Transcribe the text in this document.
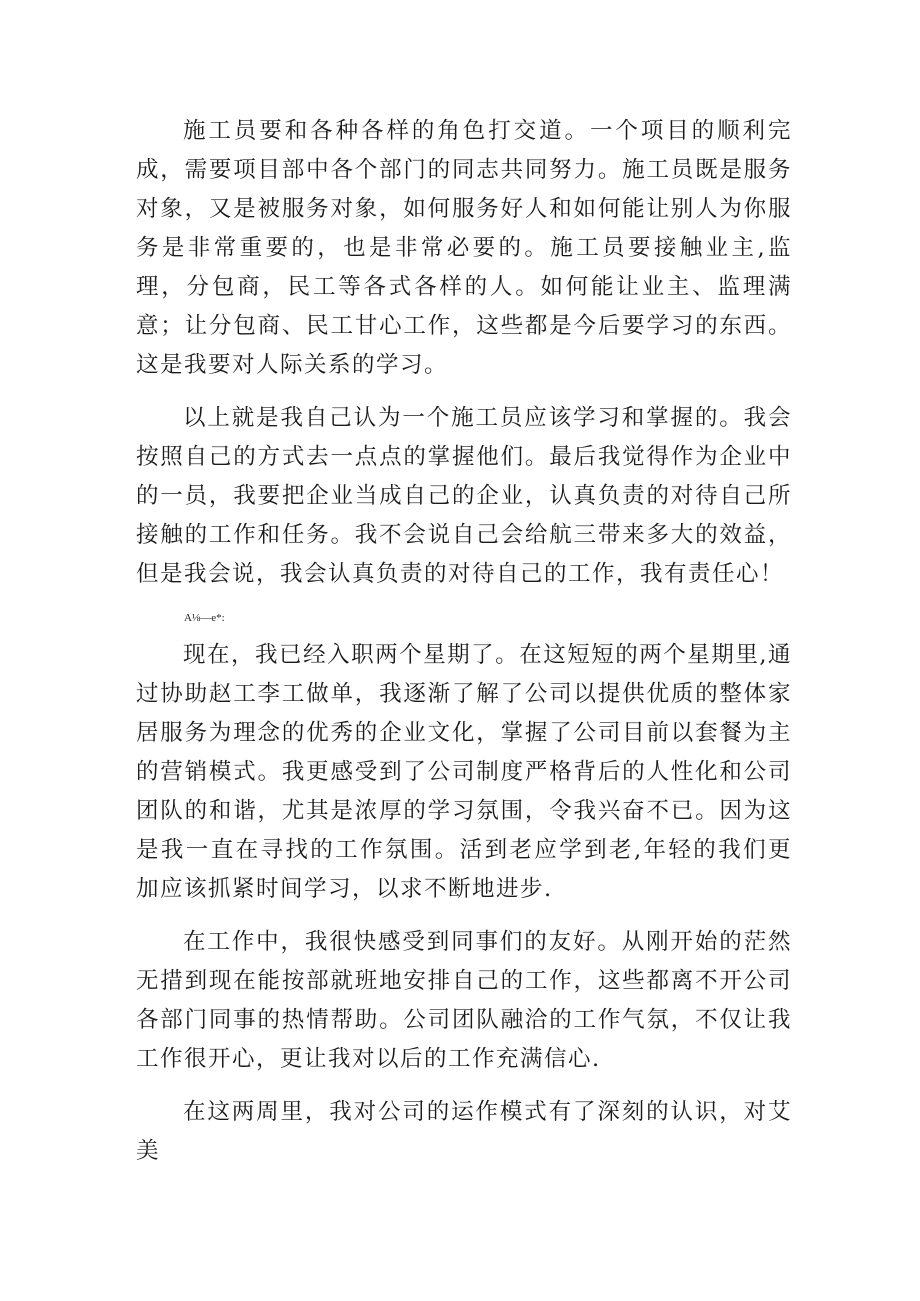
施工员要和各种各样的角色打交道。一个项目的顺利完成，需要项目部中各个部门的同志共同努力。施工员既是服务对象，又是被服务对象，如何服务好人和如何能让别人为你服务是非常重要的，也是非常必要的。施工员要接触业主,监理，分包商，民工等各式各样的人。如何能让业主、监理满意；让分包商、民工甘心工作，这些都是今后要学习的东西。这是我要对人际关系的学习。

以上就是我自己认为一个施工员应该学习和掌握的。我会按照自己的方式去一点点的掌握他们。最后我觉得作为企业中的一员，我要把企业当成自己的企业，认真负责的对待自己所接触的工作和任务。我不会说自己会给航三带来多大的效益，但是我会说，我会认真负责的对待自己的工作，我有责任心！

A⅛—e*:

现在，我已经入职两个星期了。在这短短的两个星期里,通过协助赵工李工做单，我逐渐了解了公司以提供优质的整体家居服务为理念的优秀的企业文化，掌握了公司目前以套餐为主的营销模式。我更感受到了公司制度严格背后的人性化和公司团队的和谐，尤其是浓厚的学习氛围，令我兴奋不已。因为这是我一直在寻找的工作氛围。活到老应学到老,年轻的我们更加应该抓紧时间学习，以求不断地进步.

在工作中，我很快感受到同事们的友好。从刚开始的茫然无措到现在能按部就班地安排自己的工作，这些都离不开公司各部门同事的热情帮助。公司团队融洽的工作气氛，不仅让我工作很开心，更让我对以后的工作充满信心.

在这两周里，我对公司的运作模式有了深刻的认识，对艾美
